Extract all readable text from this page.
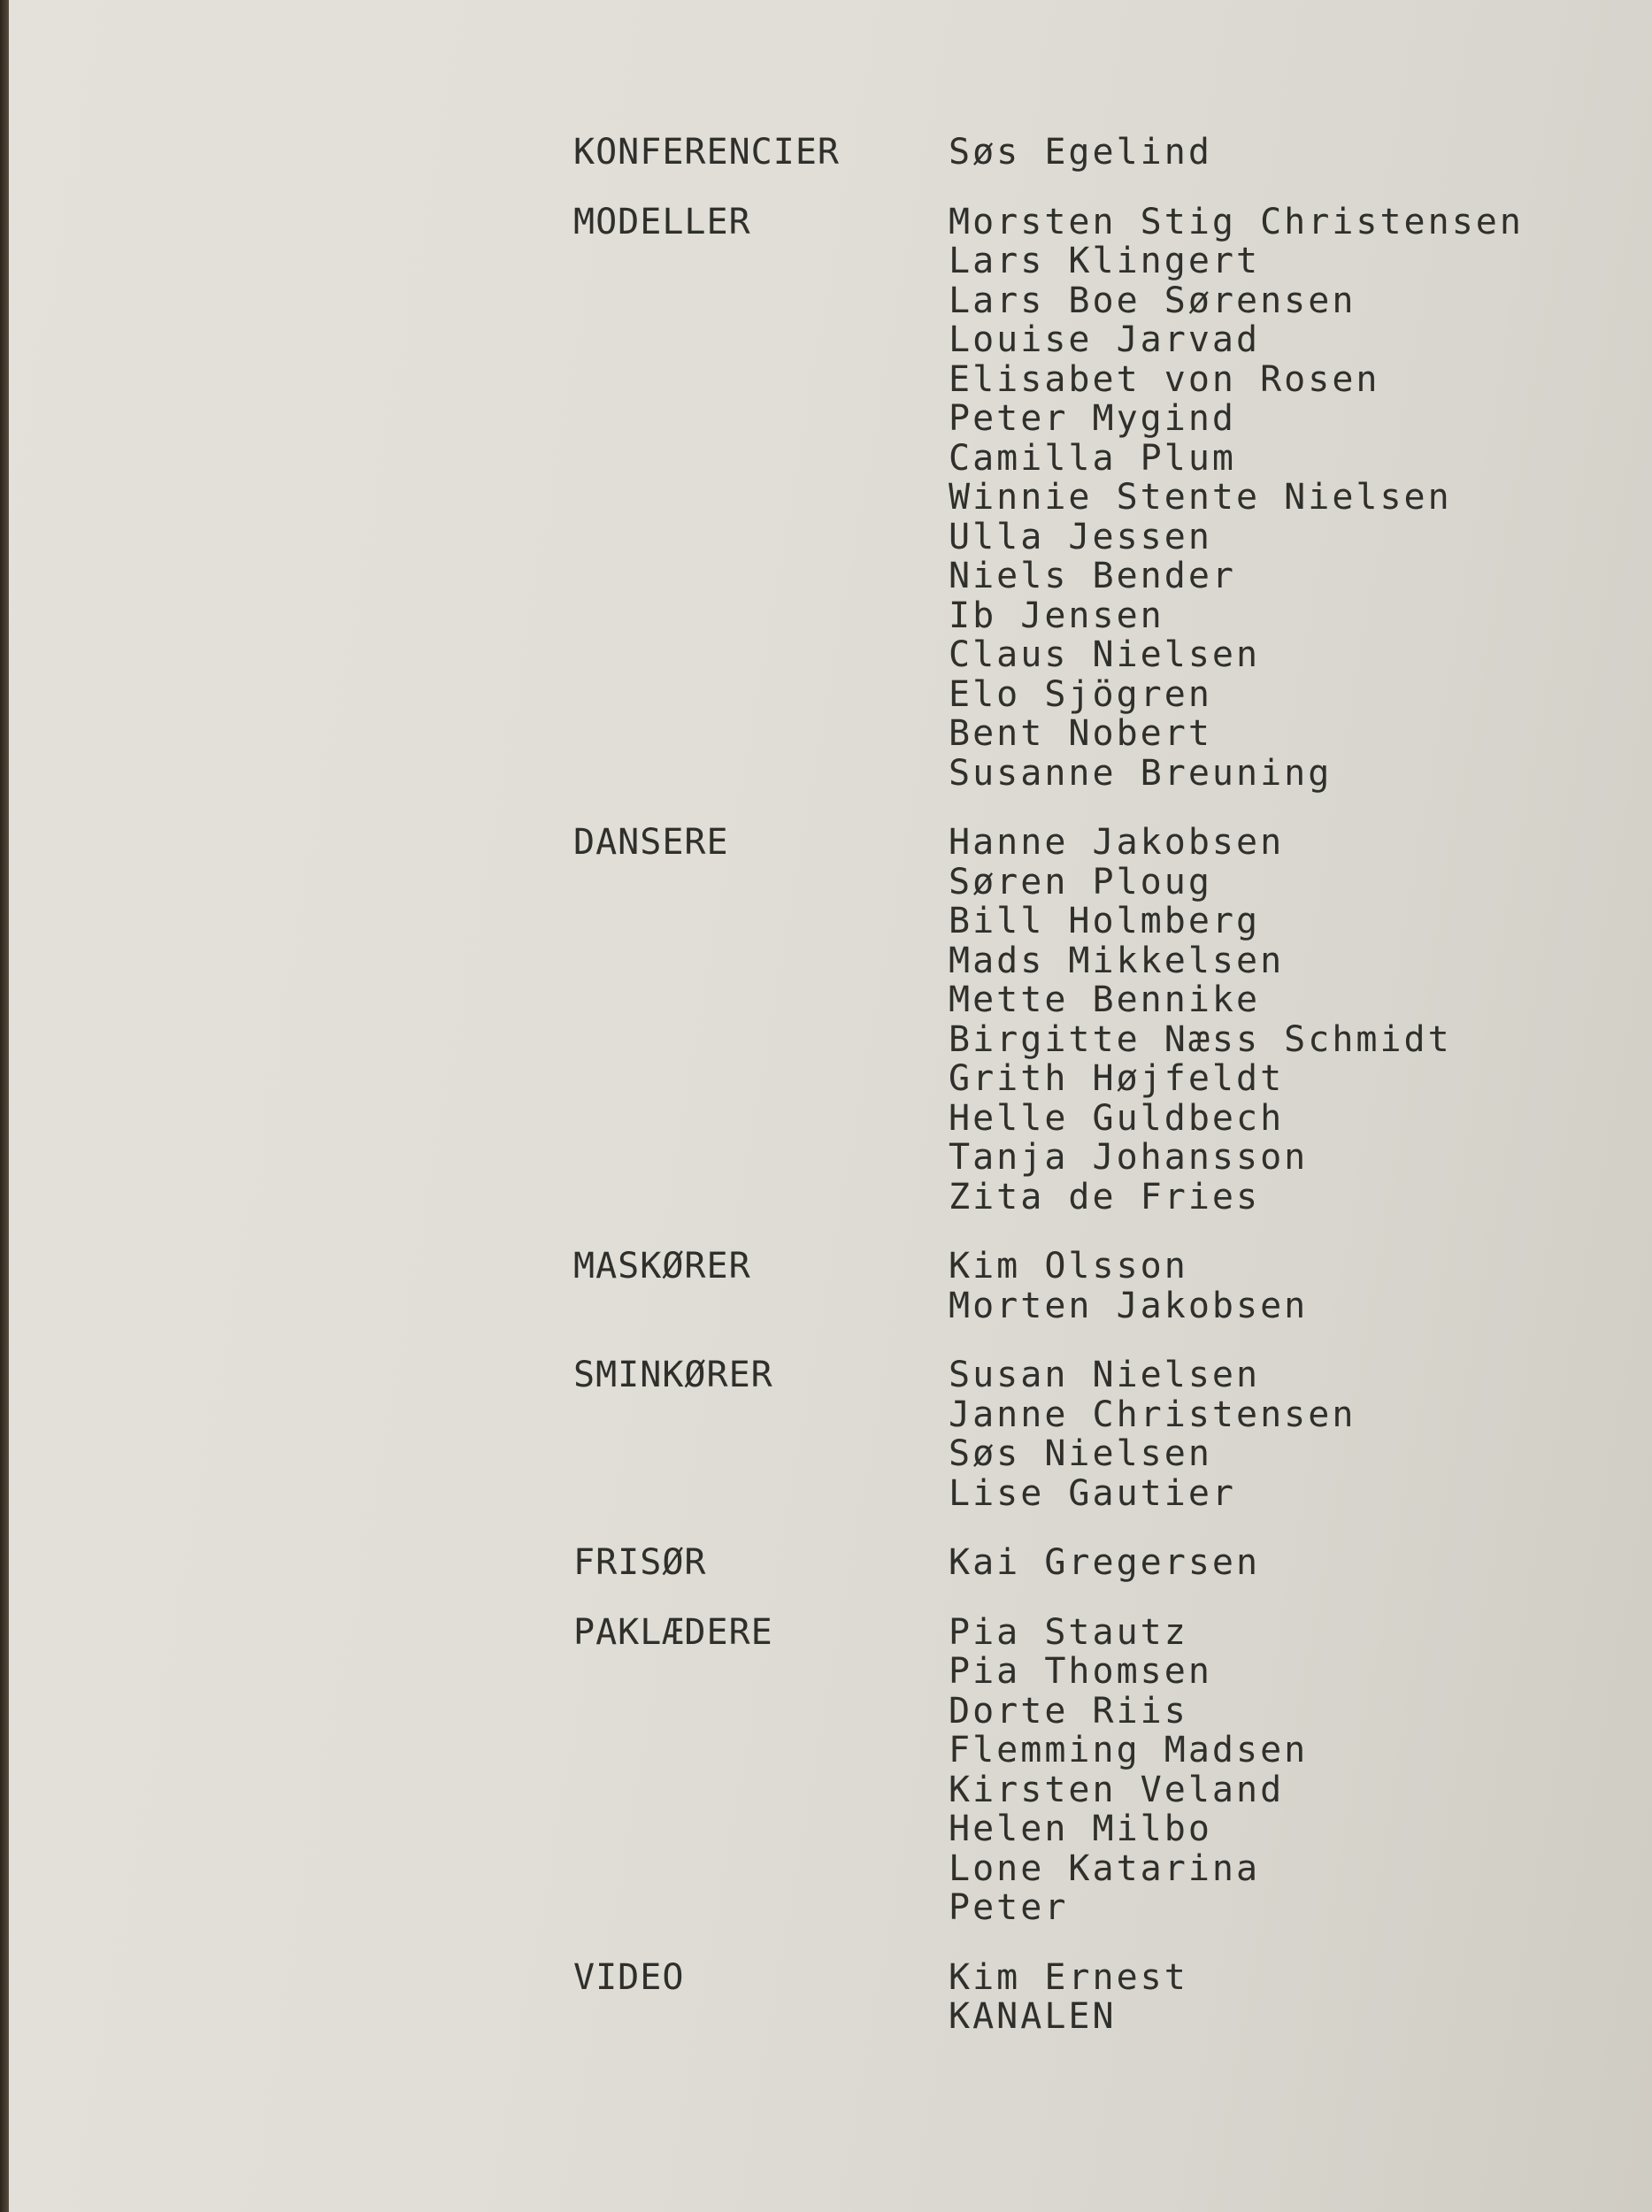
KONFERENCIER	Søs Egelind
MODELLER	Morsten Stig Christensen
Lars Klingert
Lars Boe Sørensen
Louise Jarvad
Elisabet von Rosen
Peter Mygind
Camilla Plum
Winnie Stente Nielsen
Ulla Jessen
Niels Bender
Ib Jensen
Claus Nielsen
Elo Sjögren
Bent Nobert
Susanne Breuning
DANSERE	Hanne Jakobsen
Søren Ploug
Bill Holmberg
Mads Mikkelsen
Mette Bennike
Birgitte Næss Schmidt
Grith Højfeldt
Helle Guldbech
Tanja Johansson
Zita de Fries
MASKØRER	Kim Olsson
Morten Jakobsen
SMINKØRER	Susan Nielsen
Janne Christensen
Søs Nielsen
Lise Gautier
FRISØR	Kai Gregersen
PAKLÆDERE	Pia Stautz
Pia Thomsen
Dorte Riis
Flemming Madsen
Kirsten Veland
Helen Milbo
Lone Katarina
Peter
VIDEO	Kim Ernest
KANALEN
